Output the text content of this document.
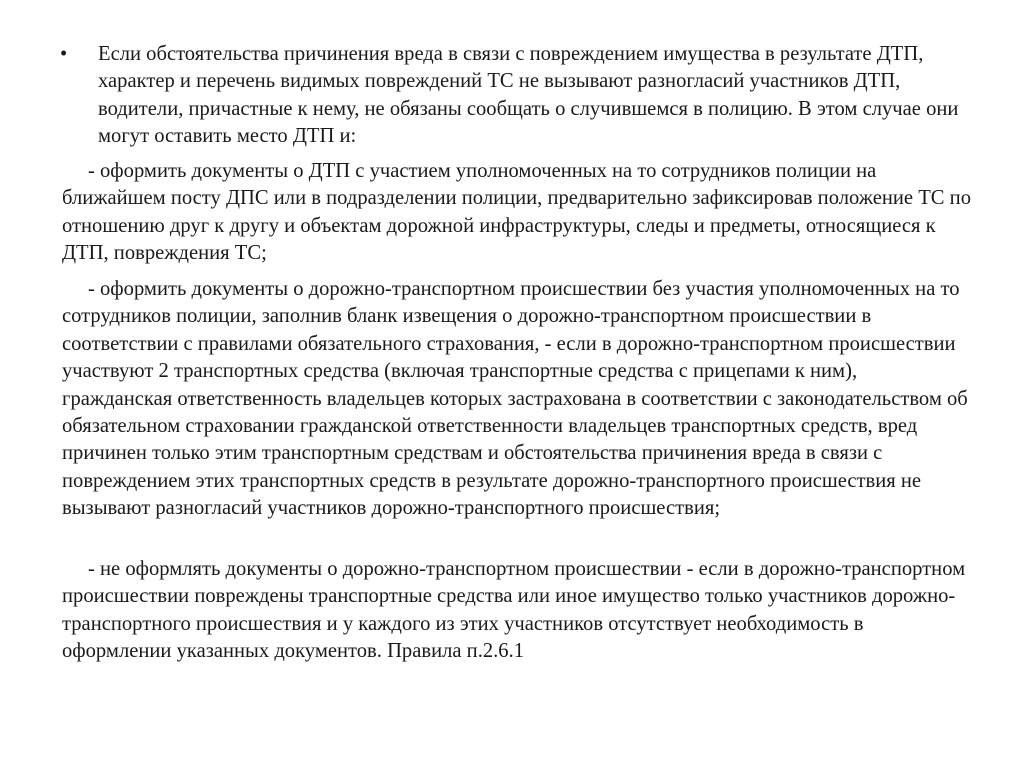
•	Если обстоятельства причинения вреда в связи с повреждением имущества в результате ДТП, характер и перечень видимых повреждений ТС не вызывают разногласий участников ДТП, водители, причастные к нему, не обязаны сообщать о случившемся в полицию. В этом случае они могут оставить место ДТП и:
- оформить документы о ДТП с участием уполномоченных на то сотрудников полиции на ближайшем посту ДПС или в подразделении полиции, предварительно зафиксировав положение ТС по отношению друг к другу и объектам дорожной инфраструктуры, следы и предметы, относящиеся к ДТП, повреждения ТС;
- оформить документы о дорожно-транспортном происшествии без участия уполномоченных на то сотрудников полиции, заполнив бланк извещения о дорожно-транспортном происшествии в соответствии с правилами обязательного страхования, - если в дорожно-транспортном происшествии участвуют 2 транспортных средства (включая транспортные средства с прицепами к ним), гражданская ответственность владельцев которых застрахована в соответствии с законодательством об обязательном страховании гражданской ответственности владельцев транспортных средств, вред причинен только этим транспортным средствам и обстоятельства причинения вреда в связи с повреждением этих транспортных средств в результате дорожно-транспортного происшествия не вызывают разногласий участников дорожно-транспортного происшествия;
- не оформлять документы о дорожно-транспортном происшествии - если в дорожно-транспортном происшествии повреждены транспортные средства или иное имущество только участников дорожно-транспортного происшествия и у каждого из этих участников отсутствует необходимость в оформлении указанных документов. Правила п.2.6.1
